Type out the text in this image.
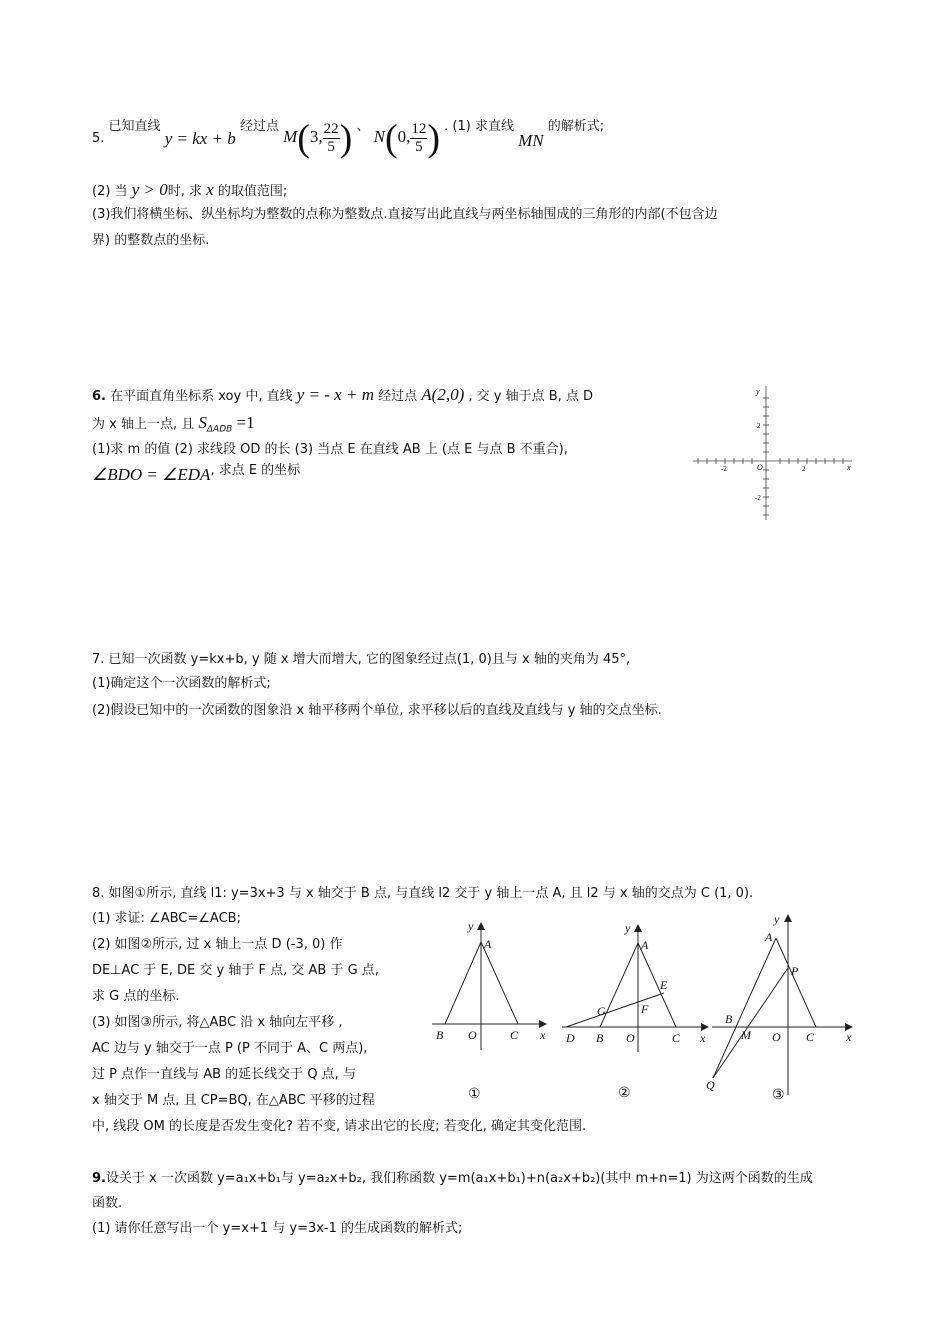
5. 已知直线 y = kx + b 经过点 M(3, $\frac{22}{5}$ ) 、 N(0, $\frac{12}{5}$ ) . (1) 求直线 MN 的解析式;
(2) 当 y > 0时, 求 x 的取值范围;
(3)我们将横坐标、纵坐标均为整数的点称为整数点.直接写出此直线与两坐标轴围成的三角形的内部(不包含边
界) 的整数点的坐标.
6. 在平面直角坐标系 xoy 中, 直线 y = - x + m 经过点 A(2,0) , 交 y 轴于点 B, 点 D
为 x 轴上一点, 且 $S_{\Delta ADB} =1$
(1)求 m 的值 (2) 求线段 OD 的长 (3) 当点 E 在直线 AB 上 (点 E 与点 B 不重合),
∠BDO = ∠EDA, 求点 E 的坐标
y
x
O	2
-2
2
-2
7. 已知一次函数 y=kx+b, y 随 x 增大而增大, 它的图象经过点(1, 0)且与 x 轴的夹角为 45°,
(1)确定这个一次函数的解析式;
(2)假设已知中的一次函数的图象沿 x 轴平移两个单位, 求平移以后的直线及直线与 y 轴的交点坐标.
8. 如图①所示, 直线 l1: y=3x+3 与 x 轴交于 B 点, 与直线 l2 交于 y 轴上一点 A, 且 l2 与 x 轴的交点为 C (1, 0).
(1) 求证: ∠ABC=∠ACB;
(2) 如图②所示, 过 x 轴上一点 D (-3, 0) 作
DE⊥AC 于 E, DE 交 y 轴于 F 点, 交 AB 于 G 点,
求 G 点的坐标.
(3) 如图③所示, 将△ABC 沿 x 轴向左平移 ,
AC 边与 y 轴交于一点 P (P 不同于 A、C 两点),
过 P 点作一直线与 AB 的延长线交于 Q 点, 与
x 轴交于 M 点, 且 CP=BQ, 在△ABC 平移的过程
中, 线段 OM 的长度是否发生变化? 若不变, 请求出它的长度; 若变化, 确定其变化范围.
y
A
B O	C x
①
y
A
E
G	F
D B O	C x
②
y
A
P
B
M O C	x
Q
③
9.设关于 x 一次函数 y=a₁x+b₁与 y=a₂x+b₂, 我们称函数 y=m(a₁x+b₁)+n(a₂x+b₂)(其中 m+n=1) 为这两个函数的生成
函数.
(1) 请你任意写出一个 y=x+1 与 y=3x-1 的生成函数的解析式;
